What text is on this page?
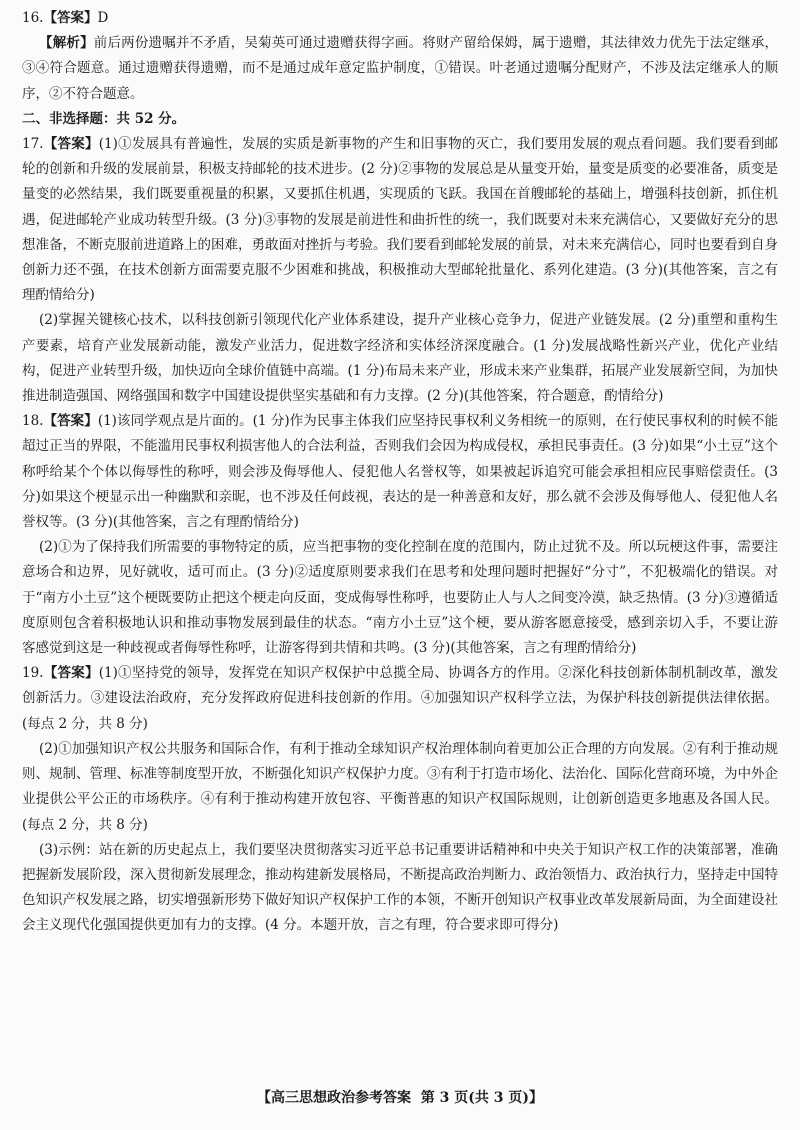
16.【答案】D

【解析】前后两份遗嘱并不矛盾，吴菊英可通过遗赠获得字画。将财产留给保姆，属于遗赠，其法律效力优先于法定继承，③④符合题意。通过遗赠获得遗赠，而不是通过成年意定监护制度，①错误。叶老通过遗嘱分配财产，不涉及法定继承人的顺序，②不符合题意。

二、非选择题：共 52 分。

17.【答案】(1)①发展具有普遍性，发展的实质是新事物的产生和旧事物的灭亡，我们要用发展的观点看问题。我们要看到邮轮的创新和升级的发展前景，积极支持邮轮的技术进步。(2 分)②事物的发展总是从量变开始，量变是质变的必要准备，质变是量变的必然结果，我们既要重视量的积累，又要抓住机遇，实现质的飞跃。我国在首艘邮轮的基础上，增强科技创新，抓住机遇，促进邮轮产业成功转型升级。(3 分)③事物的发展是前进性和曲折性的统一，我们既要对未来充满信心，又要做好充分的思想准备，不断克服前进道路上的困难，勇敢面对挫折与考验。我们要看到邮轮发展的前景，对未来充满信心，同时也要看到自身创新力还不强，在技术创新方面需要克服不少困难和挑战，积极推动大型邮轮批量化、系列化建造。(3 分)(其他答案，言之有理酌情给分)

(2)掌握关键核心技术，以科技创新引领现代化产业体系建设，提升产业核心竞争力，促进产业链发展。(2 分)重塑和重构生产要素，培育产业发展新动能，激发产业活力，促进数字经济和实体经济深度融合。(1 分)发展战略性新兴产业，优化产业结构，促进产业转型升级，加快迈向全球价值链中高端。(1 分)布局未来产业，形成未来产业集群，拓展产业发展新空间，为加快推进制造强国、网络强国和数字中国建设提供坚实基础和有力支撑。(2 分)(其他答案，符合题意，酌情给分)

18.【答案】(1)该同学观点是片面的。(1 分)作为民事主体我们应坚持民事权利义务相统一的原则，在行使民事权利的时候不能超过正当的界限，不能滥用民事权利损害他人的合法利益，否则我们会因为构成侵权，承担民事责任。(3 分)如果“小土豆”这个称呼给某个个体以侮辱性的称呼，则会涉及侮辱他人、侵犯他人名誉权等，如果被起诉追究可能会承担相应民事赔偿责任。(3 分)如果这个梗显示出一种幽默和亲昵，也不涉及任何歧视，表达的是一种善意和友好，那么就不会涉及侮辱他人、侵犯他人名誉权等。(3 分)(其他答案，言之有理酌情给分)

(2)①为了保持我们所需要的事物特定的质，应当把事物的变化控制在度的范围内，防止过犹不及。所以玩梗这件事，需要注意场合和边界，见好就收，适可而止。(3 分)②适度原则要求我们在思考和处理问题时把握好“分寸”，不犯极端化的错误。对于“南方小土豆”这个梗既要防止把这个梗走向反面，变成侮辱性称呼，也要防止人与人之间变冷漠，缺乏热情。(3 分)③遵循适度原则包含着积极地认识和推动事物发展到最佳的状态。“南方小土豆”这个梗，要从游客愿意接受，感到亲切入手，不要让游客感觉到这是一种歧视或者侮辱性称呼，让游客得到共情和共鸣。(3 分)(其他答案，言之有理酌情给分)

19.【答案】(1)①坚持党的领导，发挥党在知识产权保护中总揽全局、协调各方的作用。②深化科技创新体制机制改革，激发创新活力。③建设法治政府，充分发挥政府促进科技创新的作用。④加强知识产权科学立法，为保护科技创新提供法律依据。(每点 2 分，共 8 分)

(2)①加强知识产权公共服务和国际合作，有利于推动全球知识产权治理体制向着更加公正合理的方向发展。②有利于推动规则、规制、管理、标准等制度型开放，不断强化知识产权保护力度。③有利于打造市场化、法治化、国际化营商环境，为中外企业提供公平公正的市场秩序。④有利于推动构建开放包容、平衡普惠的知识产权国际规则，让创新创造更多地惠及各国人民。(每点 2 分，共 8 分)

(3)示例：站在新的历史起点上，我们要坚决贯彻落实习近平总书记重要讲话精神和中央关于知识产权工作的决策部署，准确把握新发展阶段，深入贯彻新发展理念，推动构建新发展格局，不断提高政治判断力、政治领悟力、政治执行力，坚持走中国特色知识产权发展之路，切实增强新形势下做好知识产权保护工作的本领，不断开创知识产权事业改革发展新局面，为全面建设社会主义现代化强国提供更加有力的支撑。(4 分。本题开放，言之有理，符合要求即可得分)

【高三思想政治参考答案 第 3 页(共 3 页)】
